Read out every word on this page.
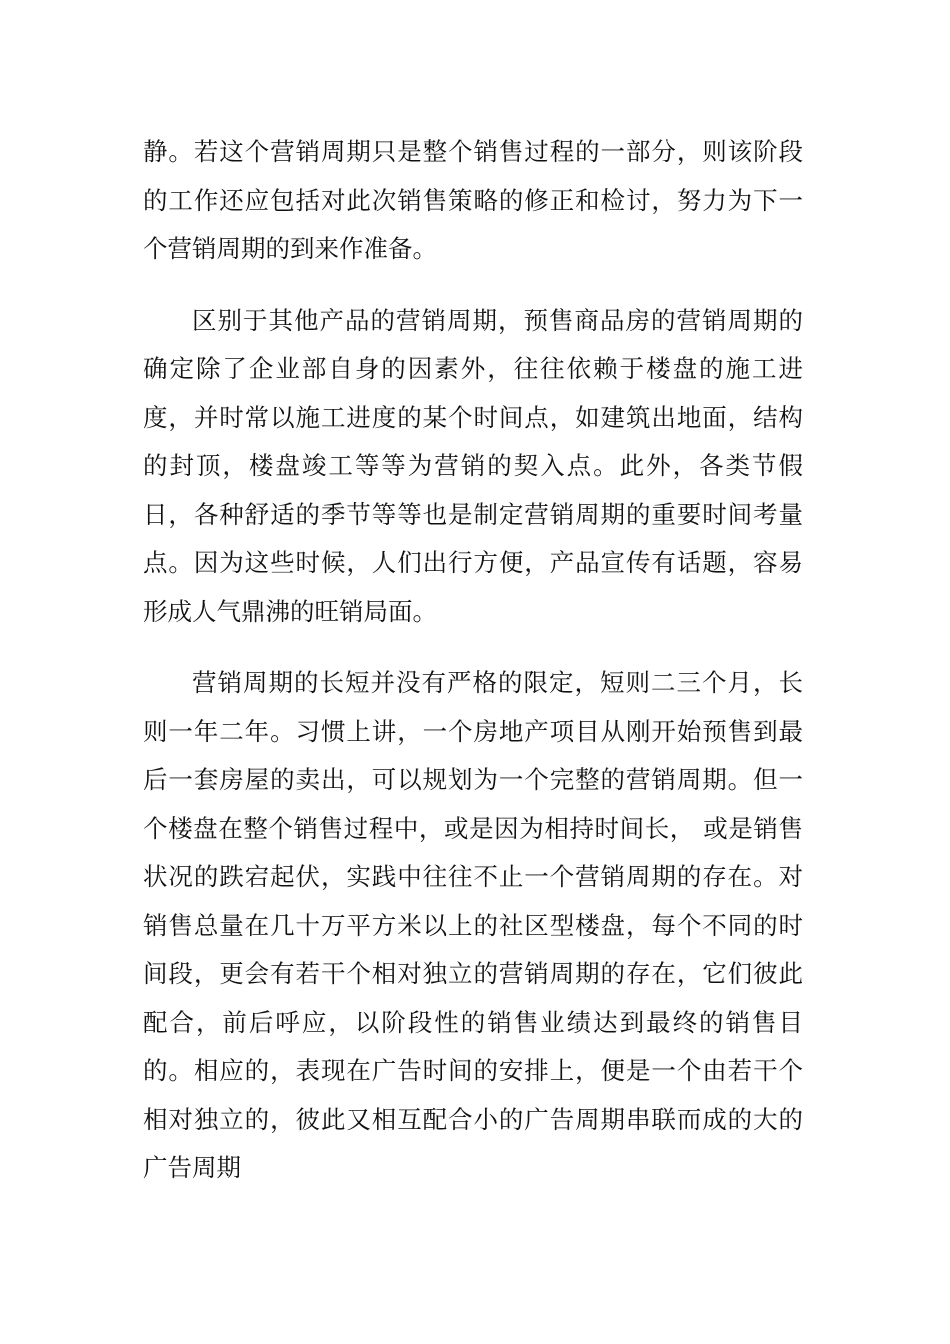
静。若这个营销周期只是整个销售过程的一部分，则该阶段的工作还应包括对此次销售策略的修正和检讨，努力为下一个营销周期的到来作准备。

区别于其他产品的营销周期，预售商品房的营销周期的确定除了企业部自身的因素外，往往依赖于楼盘的施工进度，并时常以施工进度的某个时间点，如建筑出地面，结构的封顶，楼盘竣工等等为营销的契入点。此外，各类节假日，各种舒适的季节等等也是制定营销周期的重要时间考量点。因为这些时候，人们出行方便，产品宣传有话题，容易形成人气鼎沸的旺销局面。

营销周期的长短并没有严格的限定，短则二三个月，长则一年二年。习惯上讲，一个房地产项目从刚开始预售到最后一套房屋的卖出，可以规划为一个完整的营销周期。但一个楼盘在整个销售过程中，或是因为相持时间长， 或是销售状况的跌宕起伏，实践中往往不止一个营销周期的存在。对销售总量在几十万平方米以上的社区型楼盘，每个不同的时间段，更会有若干个相对独立的营销周期的存在，它们彼此配合，前后呼应，以阶段性的销售业绩达到最终的销售目的。相应的，表现在广告时间的安排上，便是一个由若干个相对独立的，彼此又相互配合小的广告周期串联而成的大的广告周期
